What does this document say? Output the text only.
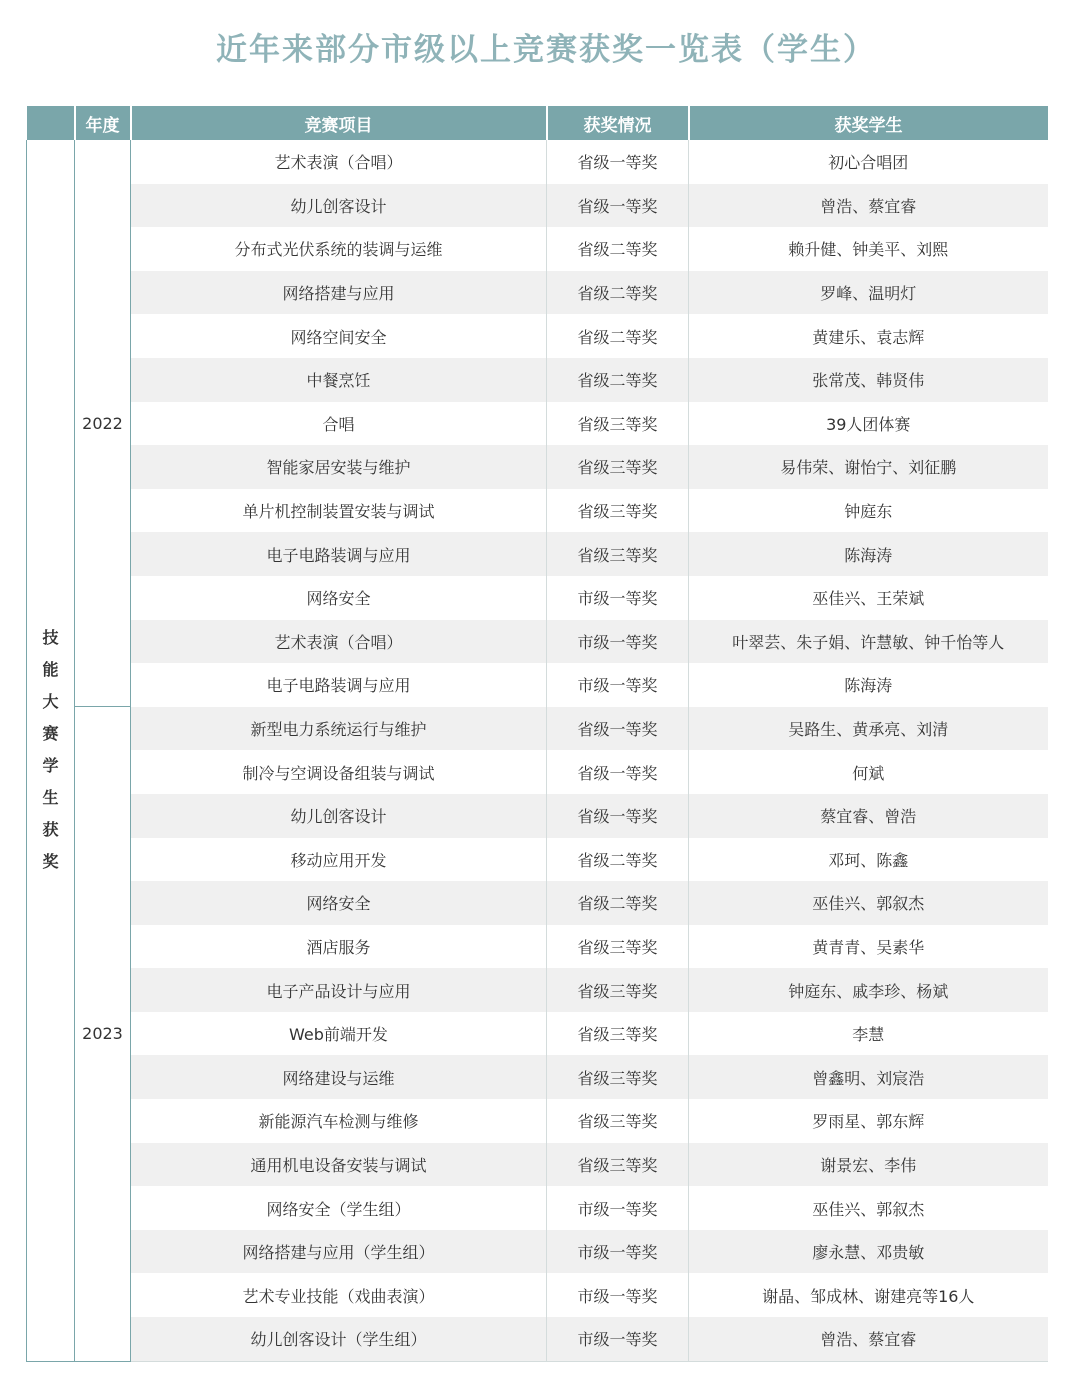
近年来部分市级以上竞赛获奖一览表（学生）
	年度	竞赛项目	获奖情况	获奖学生

技能大赛学生获奖	2022	艺术表演（合唱）	省级一等奖	初心合唱团
		幼儿创客设计	省级一等奖	曾浩、蔡宜睿
		分布式光伏系统的装调与运维	省级二等奖	赖升健、钟美平、刘熙
		网络搭建与应用	省级二等奖	罗峰、温明灯
		网络空间安全	省级二等奖	黄建乐、袁志辉
		中餐烹饪	省级二等奖	张常茂、韩贤伟
		合唱	省级三等奖	39人团体赛
		智能家居安装与维护	省级三等奖	易伟荣、谢怡宁、刘征鹏
		单片机控制装置安装与调试	省级三等奖	钟庭东
		电子电路装调与应用	省级三等奖	陈海涛
		网络安全	市级一等奖	巫佳兴、王荣斌
		艺术表演（合唱）	市级一等奖	叶翠芸、朱子娟、许慧敏、钟千怡等人
		电子电路装调与应用	市级一等奖	陈海涛
	2023	新型电力系统运行与维护	省级一等奖	吴路生、黄承亮、刘清
		制冷与空调设备组装与调试	省级一等奖	何斌
		幼儿创客设计	省级一等奖	蔡宜睿、曾浩
		移动应用开发	省级二等奖	邓珂、陈鑫
		网络安全	省级二等奖	巫佳兴、郭叙杰
		酒店服务	省级三等奖	黄青青、吴素华
		电子产品设计与应用	省级三等奖	钟庭东、戚李珍、杨斌
		Web前端开发	省级三等奖	李慧
		网络建设与运维	省级三等奖	曾鑫明、刘宸浩
		新能源汽车检测与维修	省级三等奖	罗雨星、郭东辉
		通用机电设备安装与调试	省级三等奖	谢景宏、李伟
		网络安全（学生组）	市级一等奖	巫佳兴、郭叙杰
		网络搭建与应用（学生组）	市级一等奖	廖永慧、邓贵敏
		艺术专业技能（戏曲表演）	市级一等奖	谢晶、邹成林、谢建亮等16人
		幼儿创客设计（学生组）	市级一等奖	曾浩、蔡宜睿
